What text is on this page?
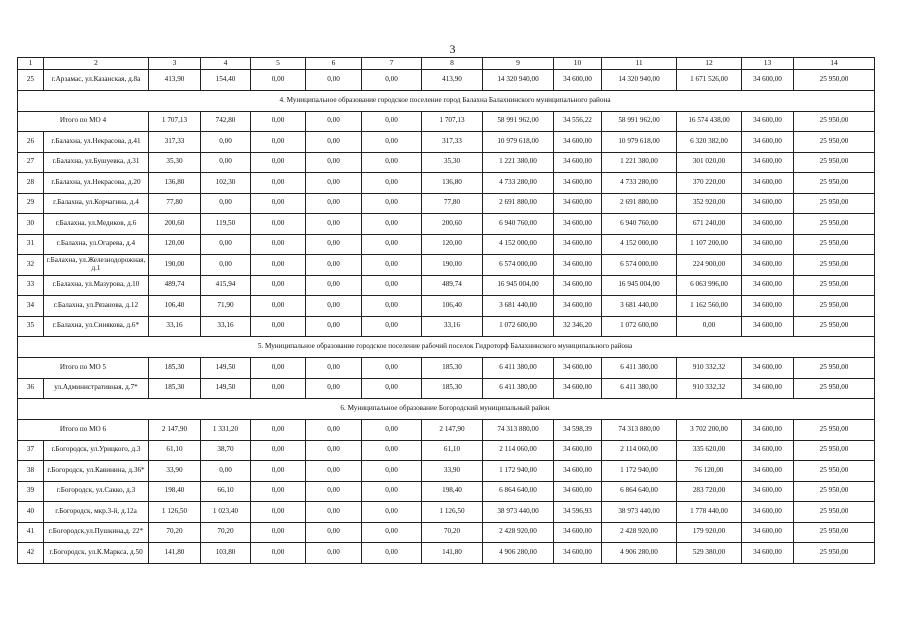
3
1	2	3	4	5	6	7	8	9	10	11	12	13	14
25	г.Арзамас, ул.Казанская, д.8а	413,90	154,40	0,00	0,00	0,00	413,90	14 320 940,00	34 600,00	14 320 940,00	1 671 526,00	34 600,00	25 950,00
4. Муниципальное образование городское поселение город Балахна Балахнинского муниципального района													
Итого по МО 4		1 707,13	742,80	0,00	0,00	0,00	1 707,13	58 991 962,00	34 556,22	58 991 962,00	16 574 438,00	34 600,00	25 950,00
26	г.Балахна, ул.Некрасова, д.41	317,33	0,00	0,00	0,00	0,00	317,33	10 979 618,00	34 600,00	10 979 618,00	6 320 382,00	34 600,00	25 950,00
27	г.Балахна, ул.Бушуевка, д.31	35,30	0,00	0,00	0,00	0,00	35,30	1 221 380,00	34 600,00	1 221 380,00	301 020,00	34 600,00	25 950,00
28	г.Балахна, ул.Некрасова, д.20	136,80	102,30	0,00	0,00	0,00	136,80	4 733 280,00	34 600,00	4 733 280,00	370 220,00	34 600,00	25 950,00
29	г.Балахна, ул.Корчагина, д.4	77,80	0,00	0,00	0,00	0,00	77,80	2 691 880,00	34 600,00	2 691 880,00	352 920,00	34 600,00	25 950,00
30	г.Балахна, ул.Медиков, д.6	200,60	119,50	0,00	0,00	0,00	200,60	6 940 760,00	34 600,00	6 940 760,00	671 240,00	34 600,00	25 950,00
31	г.Балахна, ул.Огарева, д.4	120,00	0,00	0,00	0,00	0,00	120,00	4 152 000,00	34 600,00	4 152 000,00	1 107 200,00	34 600,00	25 950,00
32	г.Балахна, ул.Железнодорожная, д.1	190,00	0,00	0,00	0,00	0,00	190,00	6 574 000,00	34 600,00	6 574 000,00	224 900,00	34 600,00	25 950,00
33	г.Балахна, ул.Мазурова, д.10	489,74	415,94	0,00	0,00	0,00	489,74	16 945 004,00	34 600,00	16 945 004,00	6 063 996,00	34 600,00	25 950,00
34	г.Балахна, ул.Рязанова, д.12	106,40	71,90	0,00	0,00	0,00	106,40	3 681 440,00	34 600,00	3 681 440,00	1 162 560,00	34 600,00	25 950,00
35	г.Балахна, ул.Синякова, д.6*	33,16	33,16	0,00	0,00	0,00	33,16	1 072 600,00	32 346,20	1 072 600,00	0,00	34 600,00	25 950,00
5. Муниципальное образование городское поселение рабочий поселок Гидроторф Балахнинского муниципального района													
Итого по МО 5		185,30	149,50	0,00	0,00	0,00	185,30	6 411 380,00	34 600,00	6 411 380,00	910 332,32	34 600,00	25 950,00
36	ул.Административная, д.7*	185,30	149,50	0,00	0,00	0,00	185,30	6 411 380,00	34 600,00	6 411 380,00	910 332,32	34 600,00	25 950,00
6. Муниципальное образование Богородский муниципальный район													
Итого по МО 6		2 147,90	1 331,20	0,00	0,00	0,00	2 147,90	74 313 880,00	34 598,39	74 313 880,00	3 702 200,00	34 600,00	25 950,00
37	г.Богородск, ул.Урицкого, д.3	61,10	38,70	0,00	0,00	0,00	61,10	2 114 060,00	34 600,00	2 114 060,00	335 620,00	34 600,00	25 950,00
38	г.Богородск, ул.Кавинина, д.36*	33,90	0,00	0,00	0,00	0,00	33,90	1 172 940,00	34 600,00	1 172 940,00	76 120,00	34 600,00	25 950,00
39	г.Богородск, ул.Сакко, д.3	198,40	66,10	0,00	0,00	0,00	198,40	6 864 640,00	34 600,00	6 864 640,00	283 720,00	34 600,00	25 950,00
40	г.Богородск, мкр.3-й, д.12а	1 126,50	1 023,40	0,00	0,00	0,00	1 126,50	38 973 440,00	34 596,93	38 973 440,00	1 778 440,00	34 600,00	25 950,00
41	г.Богородск,ул.Пушкина,д. 22*	70,20	70,20	0,00	0,00	0,00	70,20	2 428 920,00	34 600,00	2 428 920,00	179 920,00	34 600,00	25 950,00
42	г.Богородск, ул.К.Маркса, д.50	141,80	103,80	0,00	0,00	0,00	141,80	4 906 280,00	34 600,00	4 906 280,00	529 380,00	34 600,00	25 950,00
